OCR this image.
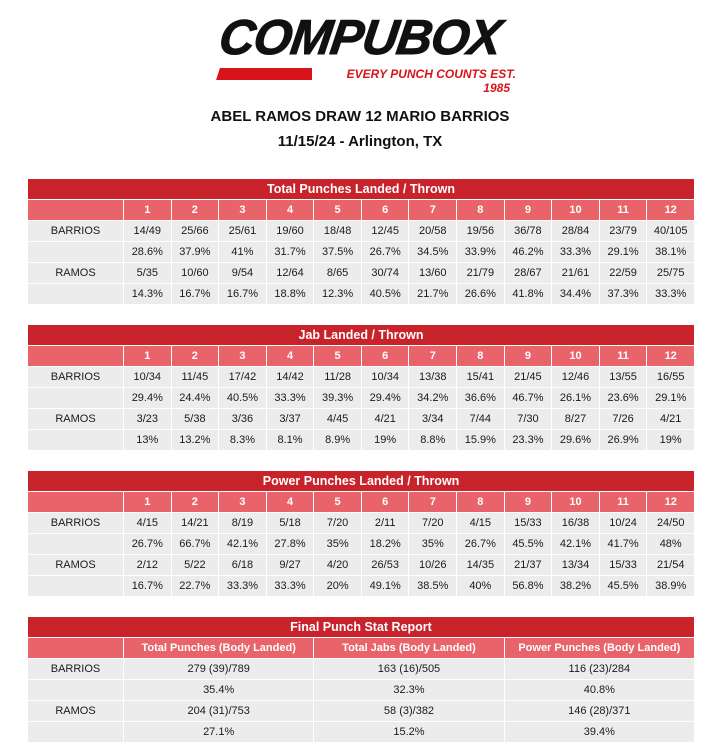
COMPUBOX
EVERY PUNCH COUNTS EST. 1985
ABEL RAMOS DRAW 12 MARIO BARRIOS
11/15/24 - Arlington, TX
Total Punches Landed / Thrown												
	1	2	3	4	5	6	7	8	9	10	11	12
BARRIOS	14/49	25/66	25/61	19/60	18/48	12/45	20/58	19/56	36/78	28/84	23/79	40/105
	28.6%	37.9%	41%	31.7%	37.5%	26.7%	34.5%	33.9%	46.2%	33.3%	29.1%	38.1%
RAMOS	5/35	10/60	9/54	12/64	8/65	30/74	13/60	21/79	28/67	21/61	22/59	25/75
	14.3%	16.7%	16.7%	18.8%	12.3%	40.5%	21.7%	26.6%	41.8%	34.4%	37.3%	33.3%
Jab Landed / Thrown												
	1	2	3	4	5	6	7	8	9	10	11	12
BARRIOS	10/34	11/45	17/42	14/42	11/28	10/34	13/38	15/41	21/45	12/46	13/55	16/55
	29.4%	24.4%	40.5%	33.3%	39.3%	29.4%	34.2%	36.6%	46.7%	26.1%	23.6%	29.1%
RAMOS	3/23	5/38	3/36	3/37	4/45	4/21	3/34	7/44	7/30	8/27	7/26	4/21
	13%	13.2%	8.3%	8.1%	8.9%	19%	8.8%	15.9%	23.3%	29.6%	26.9%	19%
Power Punches Landed / Thrown												
	1	2	3	4	5	6	7	8	9	10	11	12
BARRIOS	4/15	14/21	8/19	5/18	7/20	2/11	7/20	4/15	15/33	16/38	10/24	24/50
	26.7%	66.7%	42.1%	27.8%	35%	18.2%	35%	26.7%	45.5%	42.1%	41.7%	48%
RAMOS	2/12	5/22	6/18	9/27	4/20	26/53	10/26	14/35	21/37	13/34	15/33	21/54
	16.7%	22.7%	33.3%	33.3%	20%	49.1%	38.5%	40%	56.8%	38.2%	45.5%	38.9%
Final Punch Stat Report			
	Total Punches (Body Landed)	Total Jabs (Body Landed)	Power Punches (Body Landed)
BARRIOS	279 (39)/789	163 (16)/505	116 (23)/284
	35.4%	32.3%	40.8%
RAMOS	204 (31)/753	58 (3)/382	146 (28)/371
	27.1%	15.2%	39.4%
